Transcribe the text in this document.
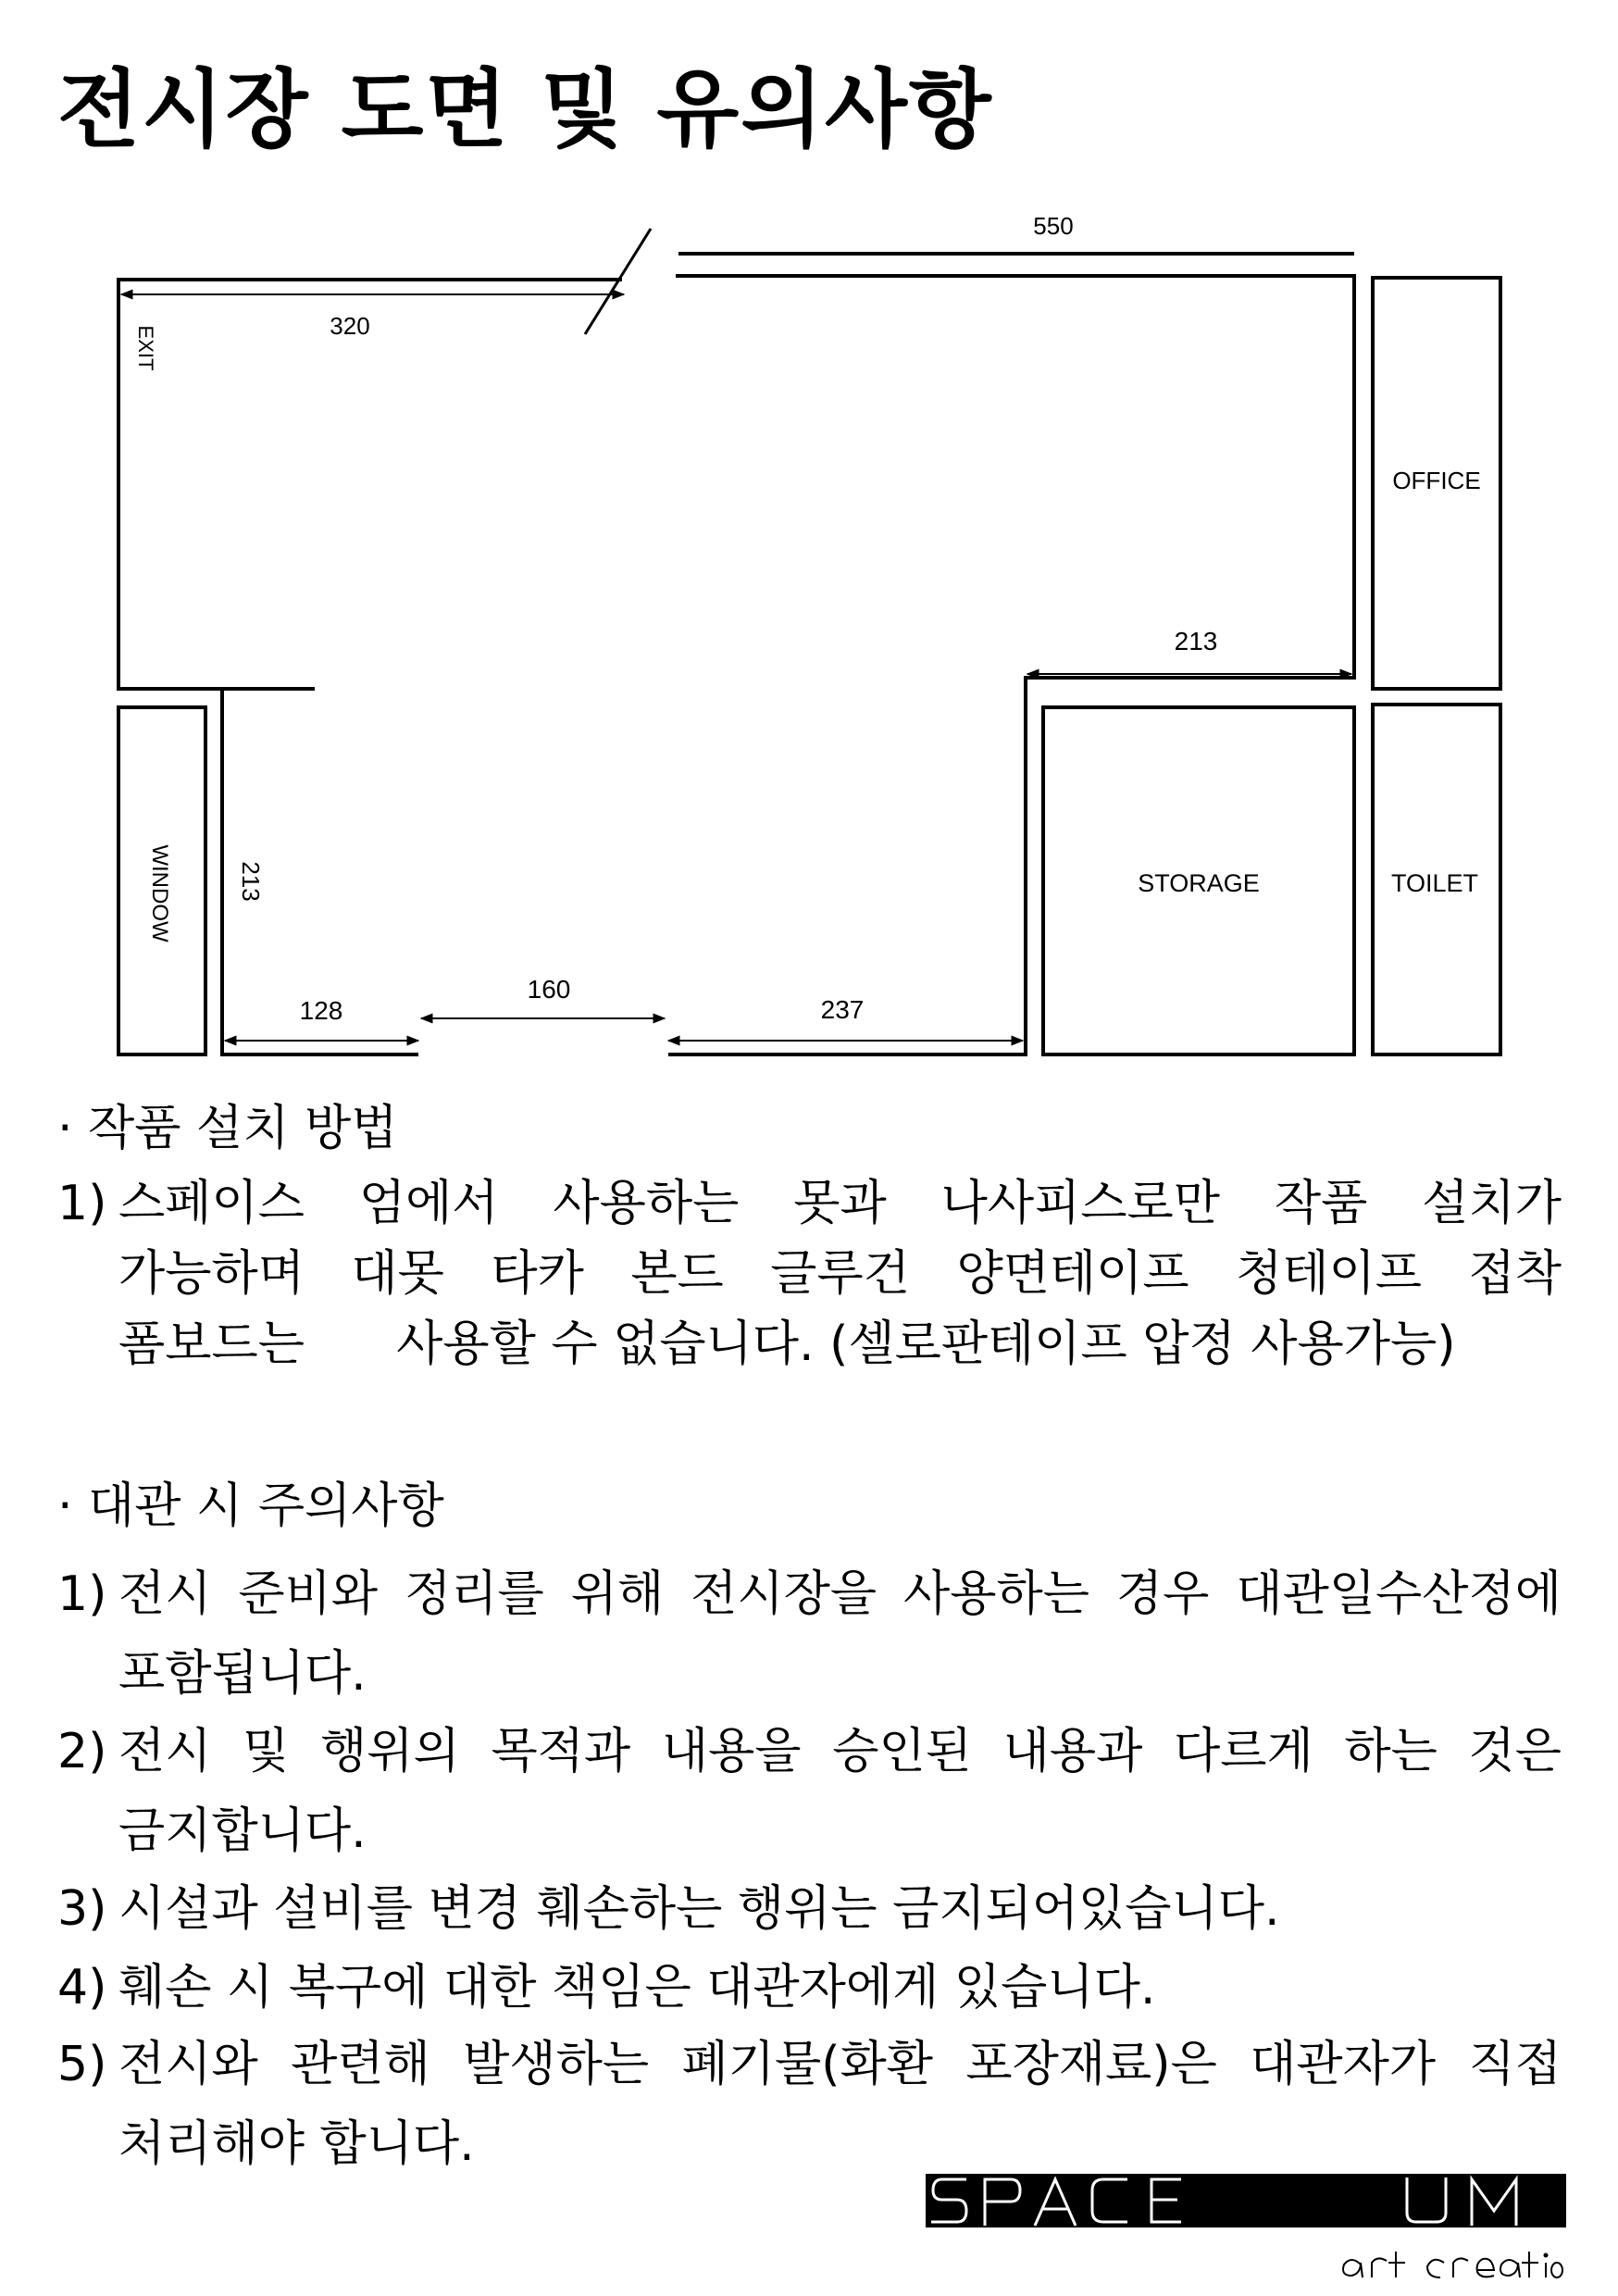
전시장 도면 및 유의사항
550
320
213
213
128
160
237
EXIT
OFFICE
WINDOW	STORAGE	TOILET
· 작품 설치 방법
1) 스페이스 엄에서 사용하는 못과 나사피스로만 작품 설치가
가능하며 대못 타카 본드 글루건 양면테이프 청테이프 접착
폼보드는      사용할 수 없습니다. (셀로판테이프 압정 사용가능)
· 대관 시 주의사항
1) 전시 준비와 정리를 위해 전시장을 사용하는 경우 대관일수산정에
포함됩니다.
2) 전시 및 행위의 목적과 내용을 승인된 내용과 다르게 하는 것은
금지합니다.
3) 시설과 설비를 변경 훼손하는 행위는 금지되어있습니다.
4) 훼손 시 복구에 대한 책임은 대관자에게 있습니다.
5) 전시와 관련해 발생하는 폐기물(화환 포장재료)은 대관자가 직접
처리해야 합니다.
